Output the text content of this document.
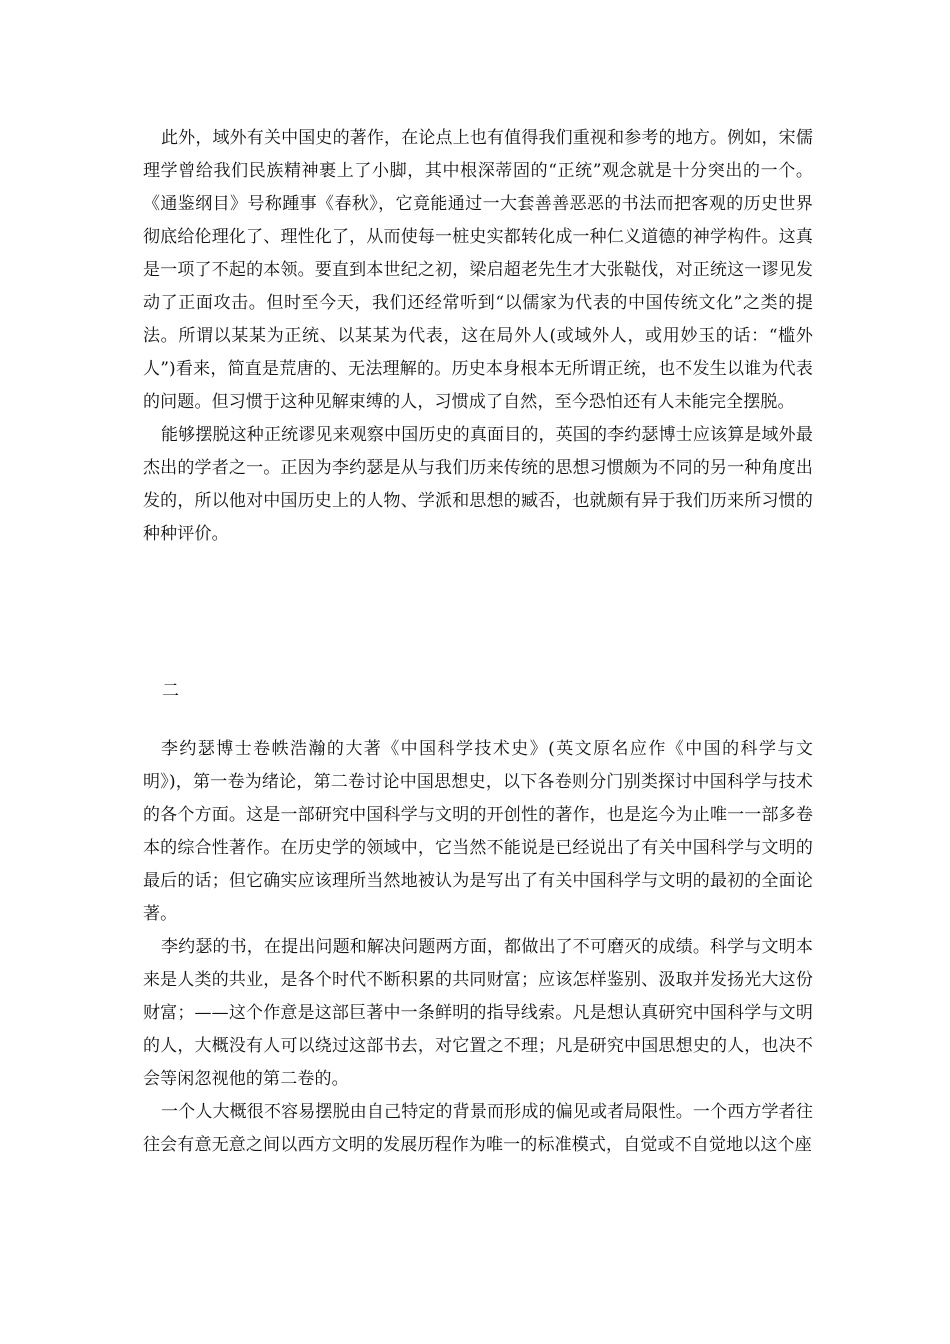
此外，域外有关中国史的著作，在论点上也有值得我们重视和参考的地方。例如，宋儒理学曾给我们民族精神裹上了小脚，其中根深蒂固的“正统”观念就是十分突出的一个。《通鉴纲目》号称踵事《春秋》，它竟能通过一大套善善恶恶的书法而把客观的历史世界彻底给伦理化了、理性化了，从而使每一桩史实都转化成一种仁义道德的神学构件。这真是一项了不起的本领。要直到本世纪之初，梁启超老先生才大张鞑伐，对正统这一谬见发动了正面攻击。但时至今天，我们还经常听到“以儒家为代表的中国传统文化”之类的提法。所谓以某某为正统、以某某为代表，这在局外人(或域外人，或用妙玉的话：“槛外人”)看来，简直是荒唐的、无法理解的。历史本身根本无所谓正统，也不发生以谁为代表的问题。但习惯于这种见解束缚的人，习惯成了自然，至今恐怕还有人未能完全摆脱。

能够摆脱这种正统谬见来观察中国历史的真面目的，英国的李约瑟博士应该算是域外最杰出的学者之一。正因为李约瑟是从与我们历来传统的思想习惯颇为不同的另一种角度出发的，所以他对中国历史上的人物、学派和思想的臧否，也就颇有异于我们历来所习惯的种种评价。

二

李约瑟博士卷帙浩瀚的大著《中国科学技术史》(英文原名应作《中国的科学与文明》)，第一卷为绪论，第二卷讨论中国思想史，以下各卷则分门别类探讨中国科学与技术的各个方面。这是一部研究中国科学与文明的开创性的著作，也是迄今为止唯一一部多卷本的综合性著作。在历史学的领域中，它当然不能说是已经说出了有关中国科学与文明的最后的话；但它确实应该理所当然地被认为是写出了有关中国科学与文明的最初的全面论著。

李约瑟的书，在提出问题和解决问题两方面，都做出了不可磨灭的成绩。科学与文明本来是人类的共业，是各个时代不断积累的共同财富；应该怎样鉴别、汲取并发扬光大这份财富；——这个作意是这部巨著中一条鲜明的指导线索。凡是想认真研究中国科学与文明的人，大概没有人可以绕过这部书去，对它置之不理；凡是研究中国思想史的人，也决不会等闲忽视他的第二卷的。

一个人大概很不容易摆脱由自己特定的背景而形成的偏见或者局限性。一个西方学者往往会有意无意之间以西方文明的发展历程作为唯一的标准模式，自觉或不自觉地以这个座
